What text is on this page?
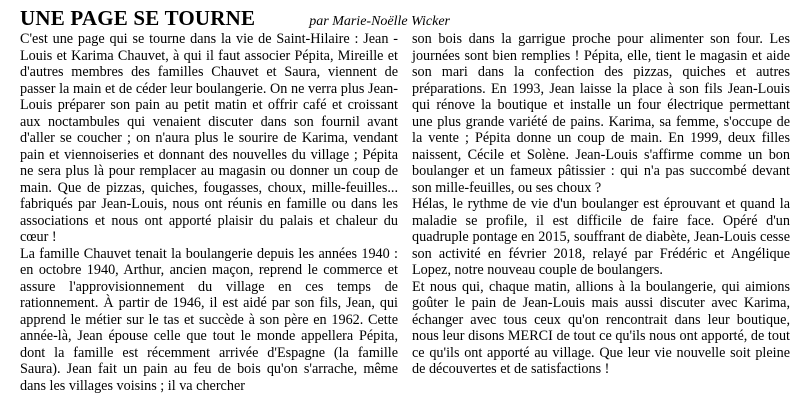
UNE PAGE SE TOURNE	par Marie-Noëlle Wicker

C'est une page qui se tourne dans la vie de Saint-Hilaire : Jean -Louis et Karima Chauvet, à qui il faut associer Pépita, Mireille et d'autres membres des familles Chauvet et Saura, viennent de passer la main et de céder leur boulangerie. On ne verra plus Jean-Louis préparer son pain au petit matin et offrir café et croissant aux noctambules qui venaient discuter dans son fournil avant d'aller se coucher ; on n'aura plus le sourire de Karima, vendant pain et viennoiseries et donnant des nouvelles du village ; Pépita ne sera plus là pour remplacer au magasin ou donner un coup de main. Que de pizzas, quiches, fougasses, choux, mille-feuilles... fabriqués par Jean-Louis, nous ont réunis en famille ou dans les associations et nous ont apporté plaisir du palais et chaleur du cœur !

La famille Chauvet tenait la boulangerie depuis les années 1940 : en octobre 1940, Arthur, ancien maçon, reprend le commerce et assure l'approvisionnement du village en ces temps de rationnement. À partir de 1946, il est aidé par son fils, Jean, qui apprend le métier sur le tas et succède à son père en 1962. Cette année-là, Jean épouse celle que tout le monde appellera Pépita, dont la famille est récemment arrivée d'Espagne (la famille Saura). Jean fait un pain au feu de bois qu'on s'arrache, même dans les villages voisins ; il va chercher

son bois dans la garrigue proche pour alimenter son four. Les journées sont bien remplies ! Pépita, elle, tient le magasin et aide son mari dans la confection des pizzas, quiches et autres préparations. En 1993, Jean laisse la place à son fils Jean-Louis qui rénove la boutique et installe un four électrique permettant une plus grande variété de pains. Karima, sa femme, s'occupe de la vente ; Pépita donne un coup de main. En 1999, deux filles naissent, Cécile et Solène. Jean-Louis s'affirme comme un bon boulanger et un fameux pâtissier : qui n'a pas succombé devant son mille-feuilles, ou ses choux ?

Hélas, le rythme de vie d'un boulanger est éprouvant et quand la maladie se profile, il est difficile de faire face. Opéré d'un quadruple pontage en 2015, souffrant de diabète, Jean-Louis cesse son activité en février 2018, relayé par Frédéric et Angélique Lopez, notre nouveau couple de boulangers.

Et nous qui, chaque matin, allions à la boulangerie, qui aimions goûter le pain de Jean-Louis mais aussi discuter avec Karima, échanger avec tous ceux qu'on rencontrait dans leur boutique, nous leur disons MERCI de tout ce qu'ils nous ont apporté, de tout ce qu'ils ont apporté au village. Que leur vie nouvelle soit pleine de découvertes et de satisfactions !
